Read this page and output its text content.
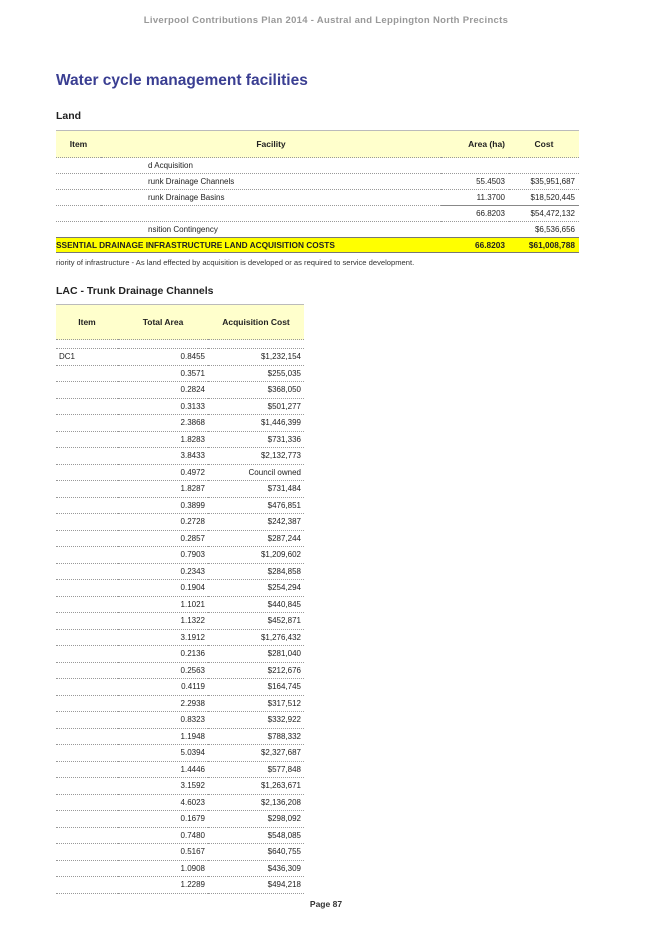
Liverpool Contributions Plan 2014 - Austral and Leppington North Precincts
Water cycle management facilities
Land
Item	Facility	Area (ha)	Cost
	d Acquisition		
	runk Drainage Channels	55.4503	$35,951,687
	runk Drainage Basins	11.3700	$18,520,445
		66.8203	$54,472,132
	nsition Contingency		$6,536,656
SSENTIAL DRAINAGE INFRASTRUCTURE LAND ACQUISITION COSTS		66.8203	$61,008,788
riority of infrastructure - As land effected by acquisition is developed or as required to service development.
LAC - Trunk Drainage Channels
Item	Total Area	Acquisition Cost

DC1	0.8455	$1,232,154
	0.3571	$255,035
	0.2824	$368,050
	0.3133	$501,277
	2.3868	$1,446,399
	1.8283	$731,336
	3.8433	$2,132,773
	0.4972	Council owned
	1.8287	$731,484
	0.3899	$476,851
	0.2728	$242,387
	0.2857	$287,244
	0.7903	$1,209,602
	0.2343	$284,858
	0.1904	$254,294
	1.1021	$440,845
	1.1322	$452,871
	3.1912	$1,276,432
	0.2136	$281,040
	0.2563	$212,676
	0.4119	$164,745
	2.2938	$317,512
	0.8323	$332,922
	1.1948	$788,332
	5.0394	$2,327,687
	1.4446	$577,848
	3.1592	$1,263,671
	4.6023	$2,136,208
	0.1679	$298,092
	0.7480	$548,085
	0.5167	$640,755
	1.0908	$436,309
	1.2289	$494,218
Page 87
